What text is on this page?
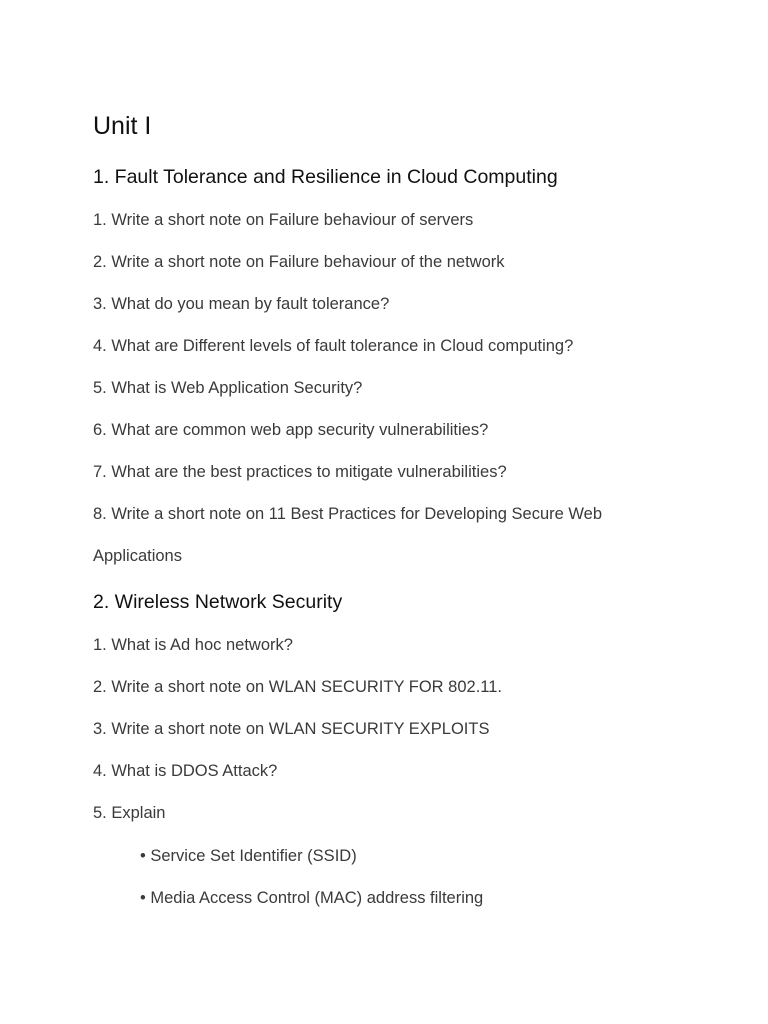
Unit I
1. Fault Tolerance and Resilience in Cloud Computing

1. Write a short note on Failure behaviour of servers

2. Write a short note on Failure behaviour of the network

3. What do you mean by fault tolerance?

4. What are Different levels of fault tolerance in Cloud computing?

5. What is Web Application Security?

6. What are common web app security vulnerabilities?

7. What are the best practices to mitigate vulnerabilities?

8. Write a short note on 11 Best Practices for Developing Secure Web

Applications

2. Wireless Network Security

1. What is Ad hoc network?

2. Write a short note on WLAN SECURITY FOR 802.11.

3. Write a short note on WLAN SECURITY EXPLOITS

4. What is DDOS Attack?

5. Explain

• Service Set Identifier (SSID)

• Media Access Control (MAC) address filtering
